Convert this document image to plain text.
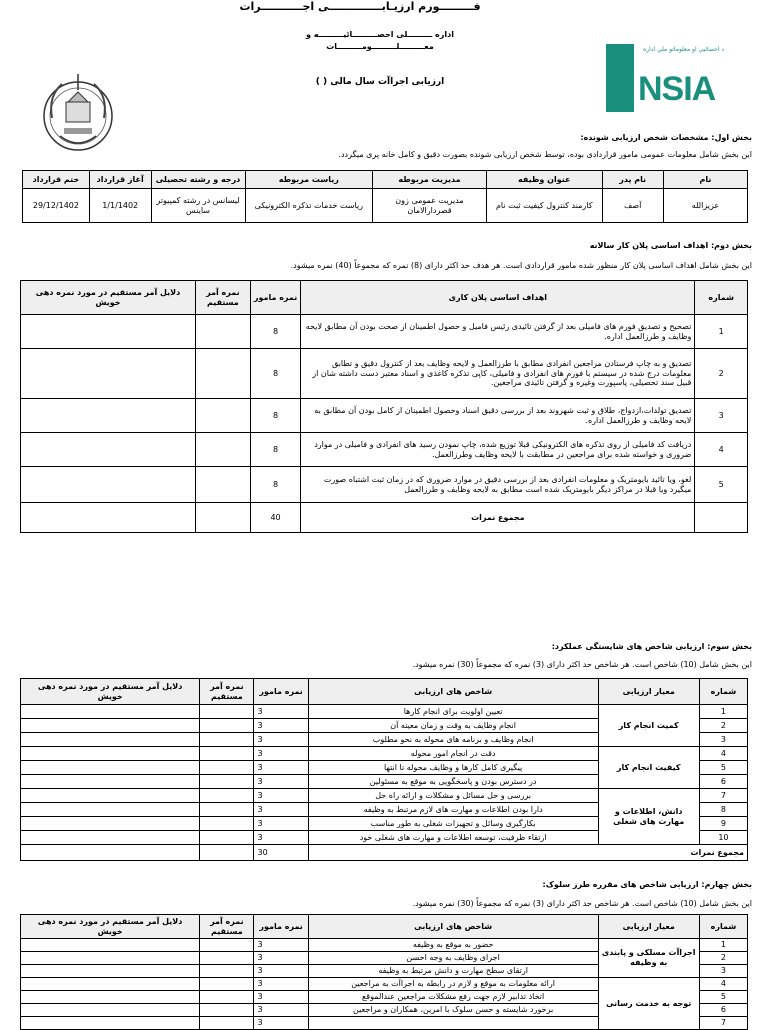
فـــــــــورم ارزیـابــــــــــــــی اجـــــــــــرات
اداره ـــــــــلی احصـــــــــائیـــــــــه و
معـــــــــلـــــــــومـــــــــات
ارزیابی اجراآت سال مالی ( )
د احصائیې او معلوماتو ملي اداره
NSIA
بخش اول: مشخصات شخص ارزیابی شونده:
این بخش شامل معلومات عمومی مامور قراردادی بوده، توسط شخص ارزیابی شونده بصورت دقیق و کامل خانه پری میگردد.
نام	نام پدر	عنوان وظیفه	مدیریت مربوطه	ریاست مربوطه	درجه و رشته تحصیلی	آغاز قرارداد	ختم قرارداد
عزیزالله	آصف	کارمند کنترول کیفیت ثبت نام	مدیریت عمومی زون قصردارالامان	ریاست خدمات تذکره الکترونیکی	لیسانس در رشته کمپیوتر ساینس	1/1/1402	29/12/1402
بخش دوم: اهداف اساسی پلان کار سالانه
این بخش شامل اهداف اساسی پلان کار منظور شده مامور قراردادی است. هر هدف حد اکثر دارای (8) نمره که مجموعاً (40) نمره میشود.
شماره	اهداف اساسی پلان کاری	نمره مامور	نمره آمر مستقیم	دلایل آمر مستقیم در مورد نمره دهی خویش
1	تصحیح و تصدیق فورم های فامیلی بعد از گرفتن تائیدی رئیس فامیل و حصول اطمینان از صحت بودن آن مطابق لایحه وظایف و طرزالعمل اداره.	8		
2	تصدیق و به چاپ فرستادن مراجعین انفرادی مطابق با طرزالعمل و لایحه وظایف بعد از کنترول دقیق و تطابق معلومات درج شده در سیستم با فورم های انفرادی و فامیلی، کاپی تذکره کاغذی و اسناد معتبر دست داشته شان از قبیل سند تحصیلی، پاسپورت وغیره و گرفتن تائیدی مراجعین.	8		
3	تصدیق تولدات،ازدواج، طلاق و ثبت شهروند بعد از بررسی دقیق اسناد وحصول اطمینان از کامل بودن آن مطابق به لایحه وظایف و طرزالعمل اداره.	8		
4	دریافت کد فامیلی از روی تذکره های الکترونیکی قبلا توزیع شده، چاپ نمودن رسید های انفرادی و فامیلی در موارد ضروری و خواسته شده برای مراجعین در مطابقت با لایحه وظایف وطرزالعمل.	8		
5	لغو، ویا تائید بایومتریک و معلومات انفرادی بعد از بررسی دقیق در موارد ضروری که در زمان ثبت اشتباه صورت میگیرد ویا قبلا در مراکز دیگر بایومتریک شده است مطابق به لایحه وظایف و طرزالعمل	8		
	مجموع نمرات	40		
بخش سوم: ارزیابی شاخص های شایستگی عملکرد:
این بخش شامل (10) شاخص است. هر شاخص حد اکثر دارای (3) نمره که مجموعاً (30) نمره میشود.
شماره	معیار ارزیابی	شاخص های ارزیابی	نمره مامور	نمره آمر مستقیم	دلایل آمر مستقیم در مورد نمره دهی خویش
1	کمیت انجام کار	تعیین اولویت برای انجام کارها	3		
2		انجام وظایف به وقت و زمان معینه آن	3		
3		انجام وظایف و برنامه های محوله به نحو مطلوب	3		
4	کیفیت انجام کار	دقت در انجام امور محوله	3		
5		پیگیری کامل کارها و وظایف محوله تا انتها	3		
6		در دسترس بودن و پاسخگویی به موقع به مسئولین	3		
7	دانش، اطلاعات و مهارت های شغلی	بررسی و حل مسائل و مشکلات و ارائه راه حل	3		
8		دارا بودن اطلاعات و مهارت های لازم مرتبط به وظیفه	3		
9		بکارگیری وسائل و تجهیزات شغلی به طور مناسب	3		
10		ارتقاء ظرفیت، توسعه اطلاعات و مهارت های شغلی خود	3		
مجموع نمرات			30		
بخش چهارم: ارزیابی شاخص های مقرره طرز سلوک:
این بخش شامل (10) شاخص است. هر شاخص حد اکثر دارای (3) نمره که مجموعاً (30) نمره میشود.
شماره	معیار ارزیابی	شاخص های ارزیابی	نمره مامور	نمره آمر مستقیم	دلایل آمر مستقیم در مورد نمره دهی خویش
1	اجراآت مسلکی و پابندی به وظیفه	حضور به موقع به وظیفه	3		
2		اجرای وظایف به وجه احسن	3		
3		ارتقای سطح مهارت و دانش مرتبط به وظیفه	3		
4	توجه به خدمت رسانی	ارائه معلومات به موقع و لازم در رابطه به اجراآت به مراجعین	3		
5		اتخاذ تدابیر لازم جهت رفع مشکلات مراجعین عندالموقع	3		
6		برخورد شایسته و حسن سلوک با امرین، همکاران و مراجعین	3		
7			3		
